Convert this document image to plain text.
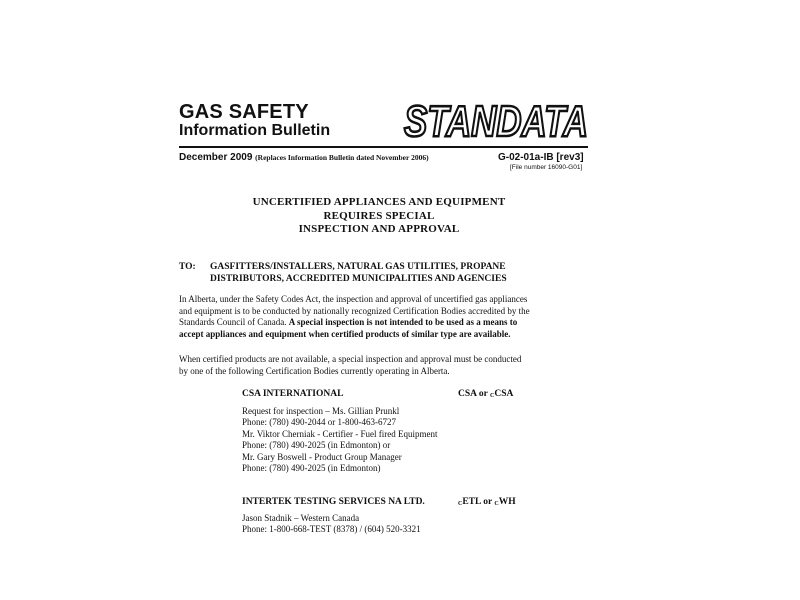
GAS SAFETY
Information Bulletin STANDATA
December 2009 (Replaces Information Bulletin dated November 2006)	G-02-01a-IB [rev3]
[File number 16090-G01]
UNCERTIFIED APPLIANCES AND EQUIPMENT
REQUIRES SPECIAL
INSPECTION AND APPROVAL
TO: GASFITTERS/INSTALLERS, NATURAL GAS UTILITIES, PROPANE
DISTRIBUTORS, ACCREDITED MUNICIPALITIES AND AGENCIES
In Alberta, under the Safety Codes Act, the inspection and approval of uncertified gas appliances
and equipment is to be conducted by nationally recognized Certification Bodies accredited by the
Standards Council of Canada. A special inspection is not intended to be used as a means to
accept appliances and equipment when certified products of similar type are available.
When certified products are not available, a special inspection and approval must be conducted
by one of the following Certification Bodies currently operating in Alberta.
CSA INTERNATIONAL	CSA or $_C$CSA
Request for inspection – Ms. Gillian Prunkl
Phone: (780) 490-2044 or 1-800-463-6727
Mr. Viktor Cherniak - Certifier - Fuel fired Equipment
Phone: (780) 490-2025 (in Edmonton) or
Mr. Gary Boswell - Product Group Manager
Phone: (780) 490-2025 (in Edmonton)
INTERTEK TESTING SERVICES NA LTD.	$_C$ETL or $_C$WH
Jason Stadnik – Western Canada
Phone: 1-800-668-TEST (8378) / (604) 520-3321
